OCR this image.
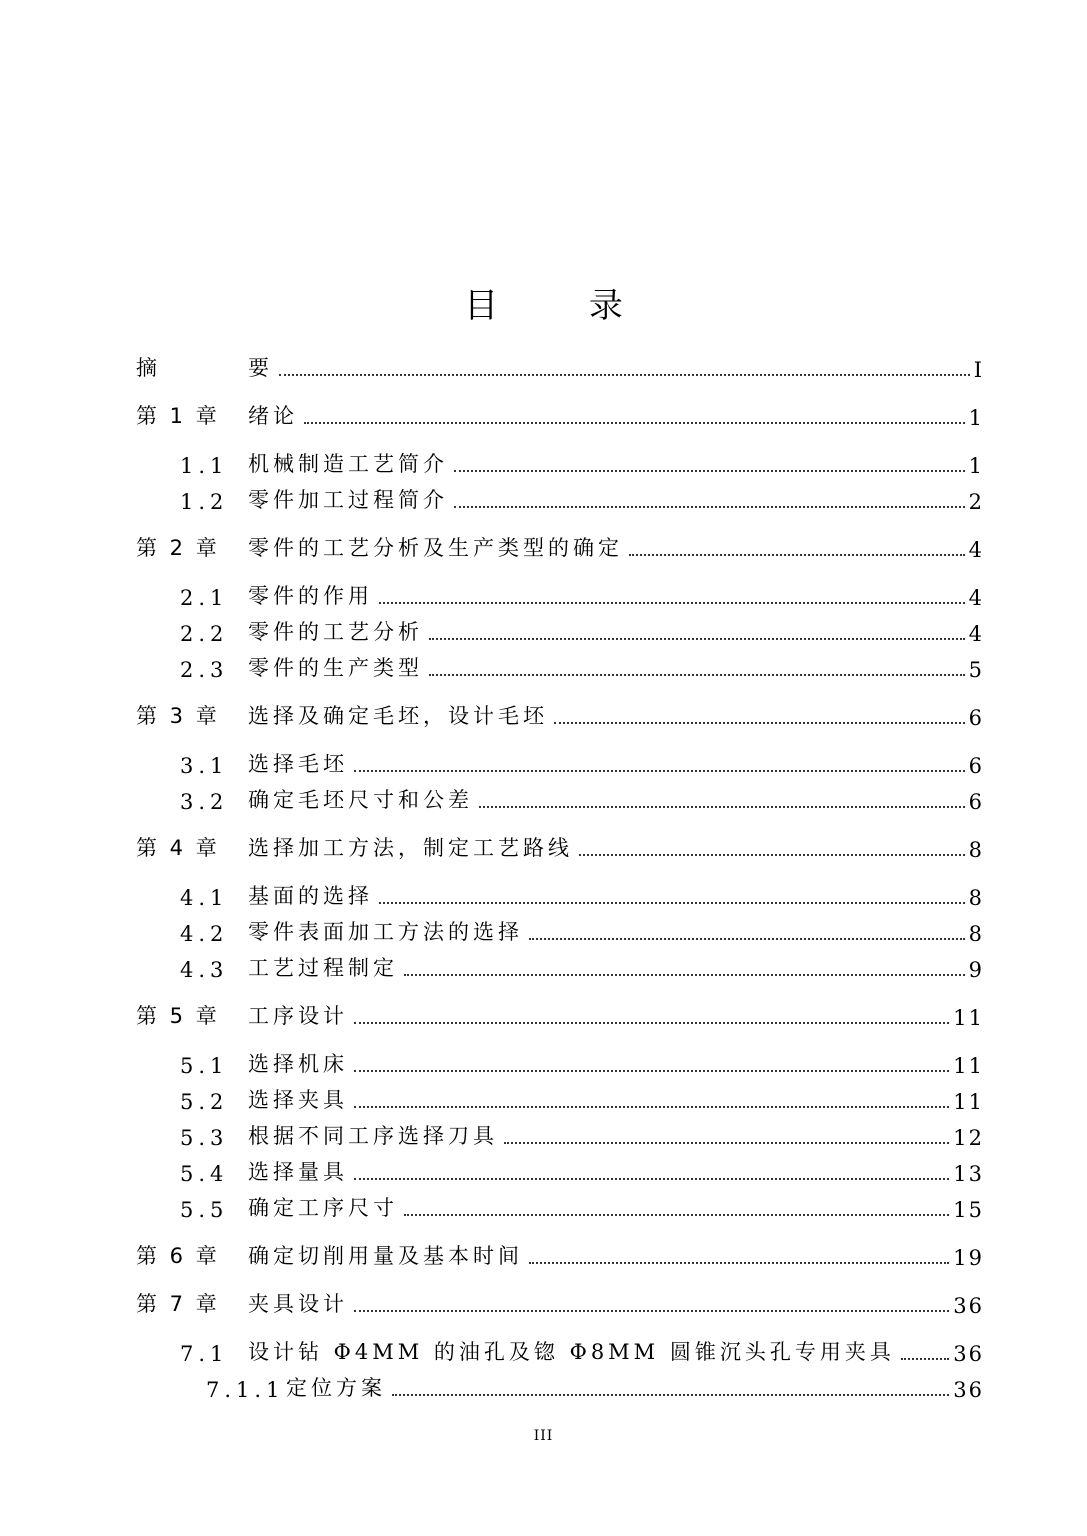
目 录
摘	要	I
第 1 章	绪论	1
1.1 机械制造工艺简介	1
1.2 零件加工过程简介	2
第 2 章	零件的工艺分析及生产类型的确定	4
2.1 零件的作用	4
2.2 零件的工艺分析	4
2.3 零件的生产类型	5
第 3 章	选择及确定毛坯，设计毛坯	6
3.1 选择毛坯	6
3.2 确定毛坯尺寸和公差	6
第 4 章	选择加工方法，制定工艺路线	8
4.1 基面的选择	8
4.2 零件表面加工方法的选择	8
4.3 工艺过程制定	9
第 5 章	工序设计	11
5.1 选择机床	11
5.2 选择夹具	11
5.3 根据不同工序选择刀具	12
5.4 选择量具	13
5.5 确定工序尺寸	15
第 6 章	确定切削用量及基本时间	19
第 7 章	夹具设计	36
7.1 设计钻 Φ4MM 的油孔及锪 Φ8MM 圆锥沉头孔专用夹具	36
7.1.1 定位方案	36
III
